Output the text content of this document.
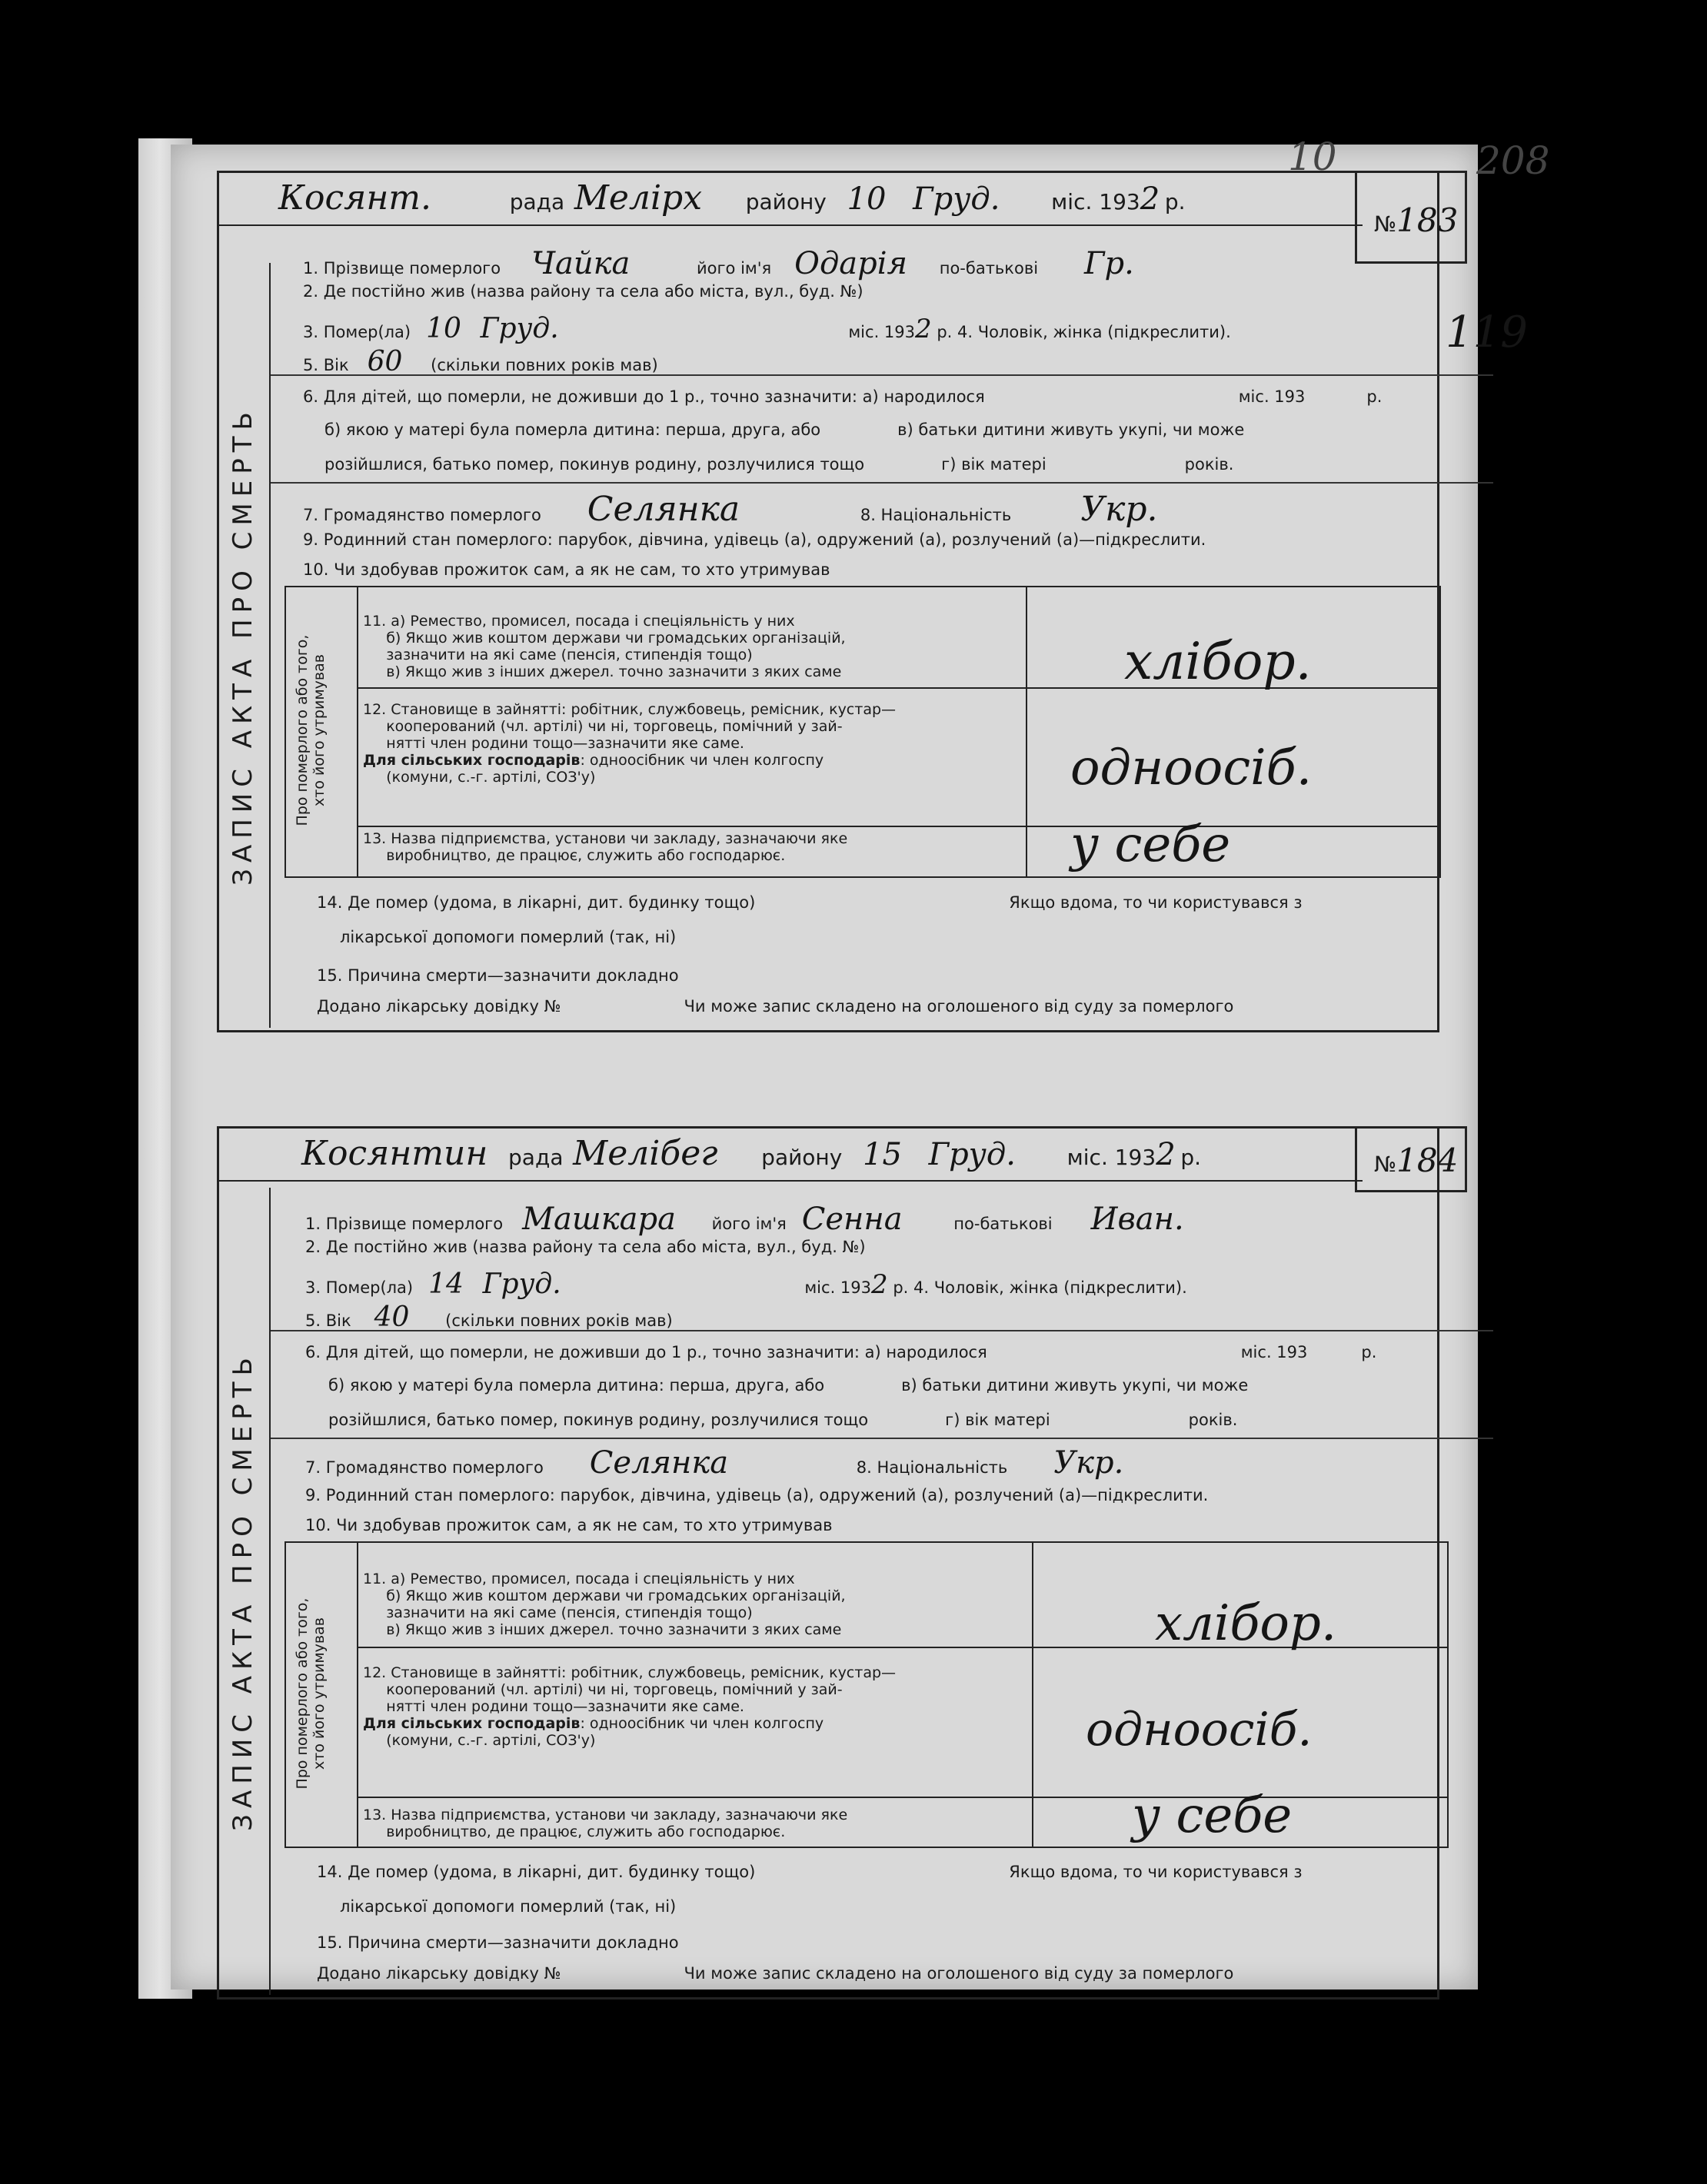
10	208
119
ЗАПИС АКТА ПРО СМЕРТЬ
Косянт.	рада Мелiрх району 10 Груд. міс. 1932 р.
№183
1. Прізвище померлого Чайка	його ім'я Одарiя по-батькові Гр.
2. Де постійно жив (назва району та села або міста, вул., буд. №)
3. Помер(ла) 10 Груд.	міс. 1932 р. 4. Чоловік, жінка (підкреслити).
5. Вік 60 (скільки повних років мав)
6. Для дітей, що померли, не доживши до 1 р., точно зазначити: а) народилося	міс. 193	р.
б) якою у матері була померла дитина: перша, друга, або	в) батьки дитини живуть укупі, чи може
розійшлися, батько помер, покинув родину, розлучилися тощо	г) вік матері	років.
7. Громадянство померлого Селянка	8. Національність Укр.
9. Родинний стан померлого: парубок, дівчина, удівець (а), одружений (а), розлучений (а)—підкреслити.
10. Чи здобував прожиток сам, а як не сам, то хто утримував
Про померлого або того,
хто його утримував
11. а) Ремество, промисел, посада і спеціяльність у них
б) Якщо жив коштом держави чи громадських організацій,
зазначити на які саме (пенсія, стипендія тощо)
в) Якщо жив з інших джерел. точно зазначити з яких саме	хлiбор.
12. Становище в зайнятті: робітник, службовець, ремісник, кустар—
кооперований (чл. артілі) чи ні, торговець, помічний у зай-
нятті член родини тощо—зазначити яке саме.
Для сільських господарів: одноосібник чи член колгоспу
(комуни, с.-г. артілі, СОЗ'у)	одноосiб.
13. Назва підприємства, установи чи закладу, зазначаючи яке
виробництво, де працює, служить або господарює.	у себе
14. Де помер (удома, в лікарні, дит. будинку тощо)	Якщо вдома, то чи користувався з
лікарської допомоги померлий (так, ні)
15. Причина смерти—зазначити докладно
Додано лікарську довідку №	Чи може запис складено на оголошеного від суду за померлого
ЗАПИС АКТА ПРО СМЕРТЬ
Косянтин рада Мелiбег району 15 Груд. міс. 1932 р.	№184
1. Прізвище померлого Машкара його ім'я Сенна	по-батькові Иван.
2. Де постійно жив (назва району та села або міста, вул., буд. №)
3. Помер(ла) 14 Груд.	міс. 1932 р. 4. Чоловік, жінка (підкреслити).
5. Вік 40 (скільки повних років мав)
6. Для дітей, що померли, не доживши до 1 р., точно зазначити: а) народилося	міс. 193	р.
б) якою у матері була померла дитина: перша, друга, або	в) батьки дитини живуть укупі, чи може
розійшлися, батько помер, покинув родину, розлучилися тощо	г) вік матері	років.
7. Громадянство померлого Селянка	8. Національність Укр.
9. Родинний стан померлого: парубок, дівчина, удівець (а), одружений (а), розлучений (а)—підкреслити.
10. Чи здобував прожиток сам, а як не сам, то хто утримував
Про померлого або того,
хто його утримував
11. а) Ремество, промисел, посада і спеціяльність у них
б) Якщо жив коштом держави чи громадських організацій,
зазначити на які саме (пенсія, стипендія тощо)
в) Якщо жив з інших джерел. точно зазначити з яких саме	хлiбор.
12. Становище в зайнятті: робітник, службовець, ремісник, кустар—
кооперований (чл. артілі) чи ні, торговець, помічний у зай-
нятті член родини тощо—зазначити яке саме.
Для сільських господарів: одноосібник чи член колгоспу
(комуни, с.-г. артілі, СОЗ'у)	одноосiб.
13. Назва підприємства, установи чи закладу, зазначаючи яке
виробництво, де працює, служить або господарює.	у себе
14. Де помер (удома, в лікарні, дит. будинку тощо)	Якщо вдома, то чи користувався з
лікарської допомоги померлий (так, ні)
15. Причина смерти—зазначити докладно
Додано лікарську довідку №	Чи може запис складено на оголошеного від суду за померлого
